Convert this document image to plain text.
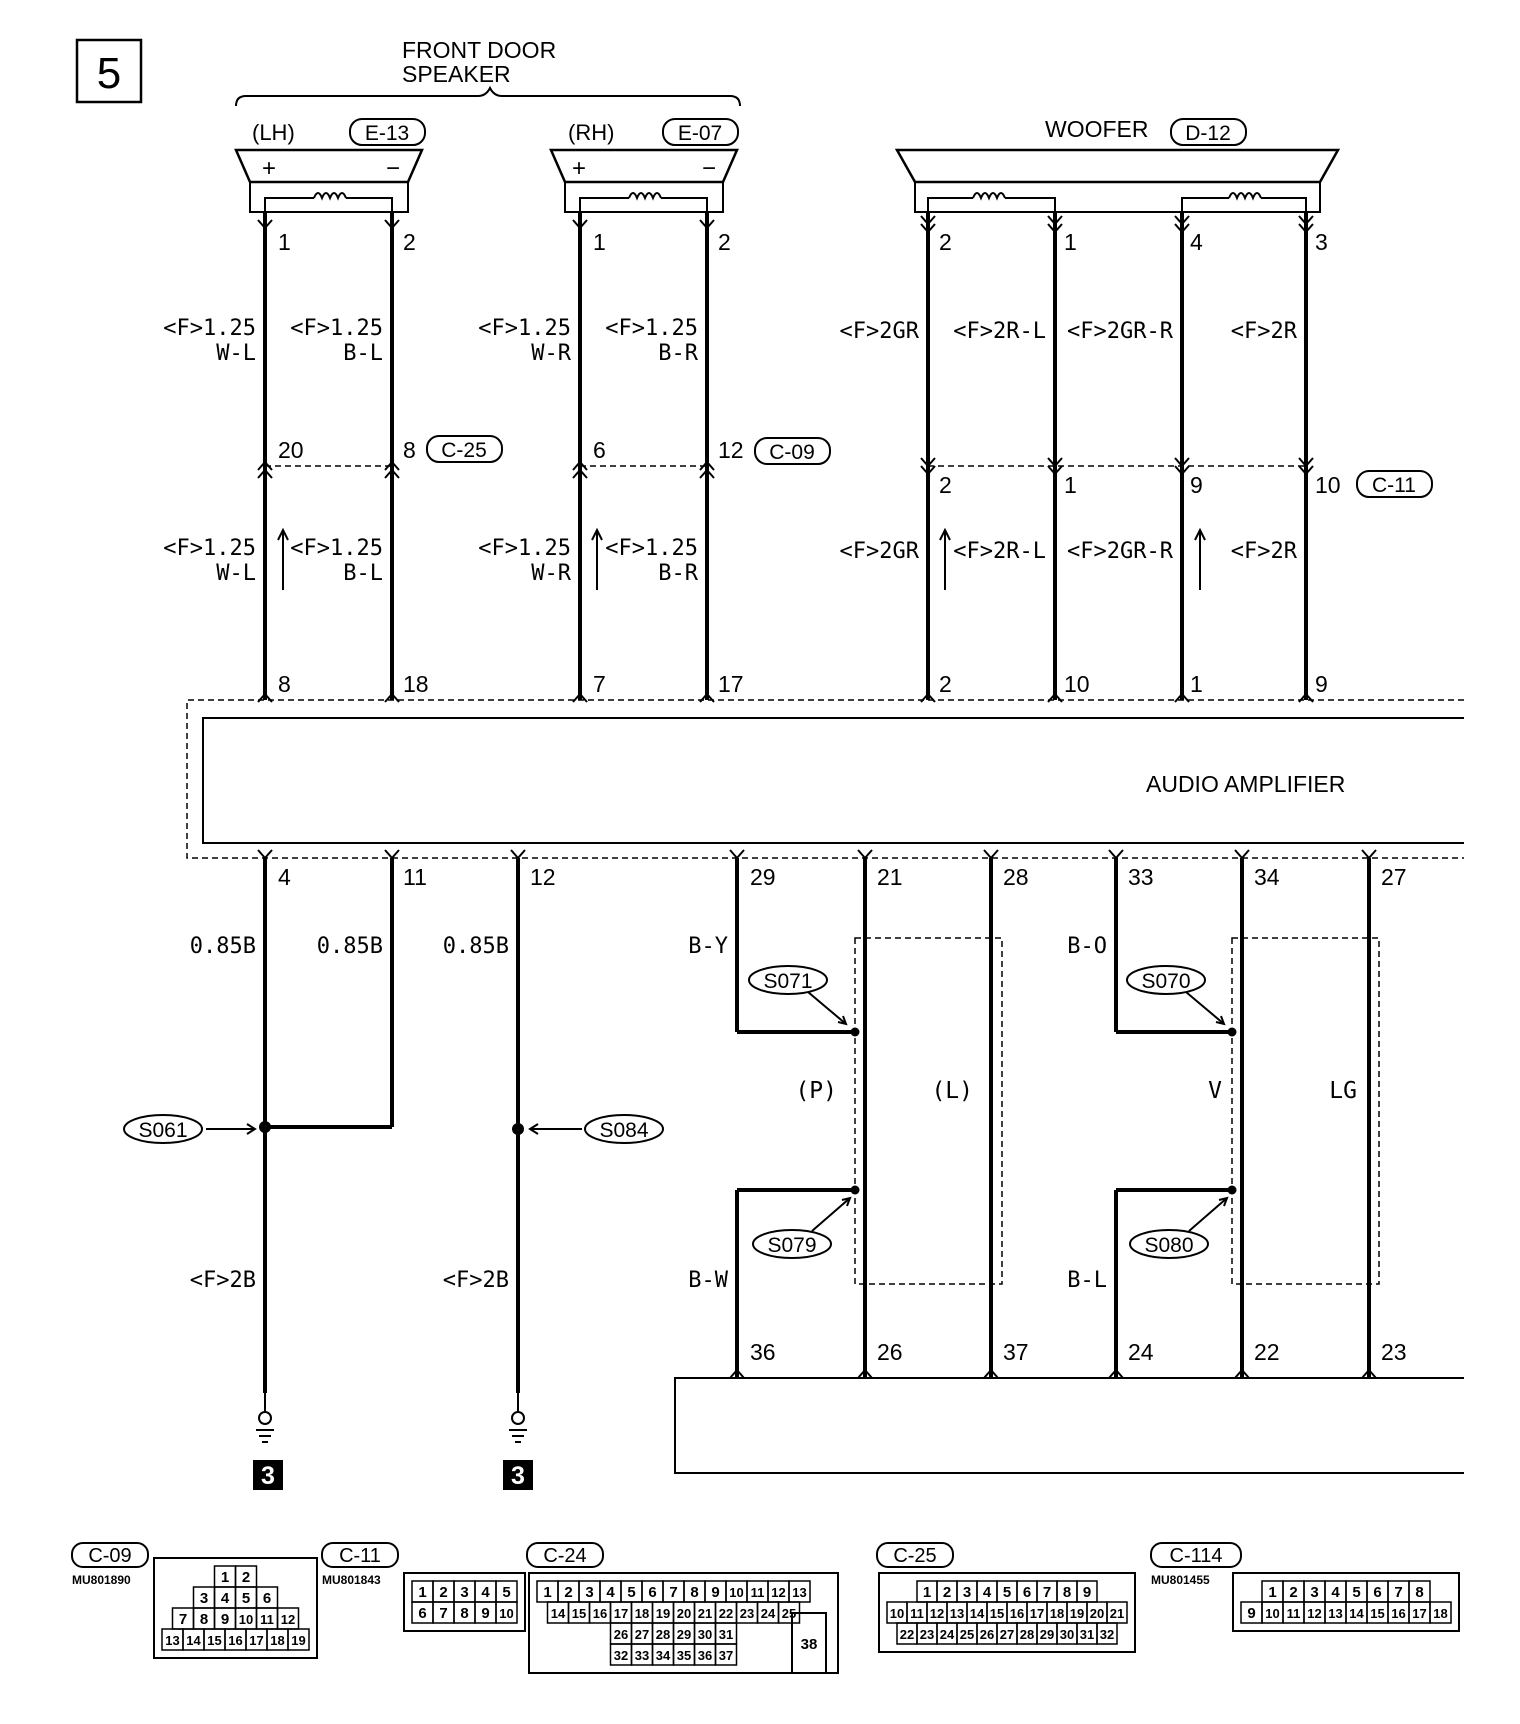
5	FRONT DOOR
SPEAKER
(LH)	E-13
+	−
(RH)	E-07
+	−
WOOFER D-12
1	2	1	2	2	1	4	3
<F>1.25
W-L
<F>1.25
B-L
<F>1.25
W-R
<F>1.25
B-R
<F>2GR <F>2R-L <F>2GR-R	<F>2R
<F>1.25
W-L
<F>1.25
B-L
<F>1.25
W-R
<F>1.25
B-R
<F>2GR <F>2R-L <F>2GR-R	<F>2R
20	8	6	12
2	1	9	10
C-25	C-09
C-11
8	18	7	17	2	10	1	9
AUDIO AMPLIFIER
4	11	12	29	21	28	33	34	27
0.85B	0.85B	0.85B
<F>2B	<F>2B
S061	S084
3	3
B-Y
B-W
B-O
B-L
S071
S079
S070
S080
(P)	(L)	V	LG
36	26	37	24	22	23
C-09
MU801890	1 2
3 4 5 6
7 8 9 10 11 12
13 14 15 16 17 18 19
C-11
MU801843
1 2 3 4 5
6 7 8 9 10
C-24
1 2 3 4 5 6 7 8 9 10 11 12 13
14 15 16 17 18 19 20 21 22 23 24 25
26 27 28 29 30 31
32 33 34 35 36 37
38
C-25
1 2 3 4 5 6 7 8 9
10 11 12 13 14 15 16 17 18 19 20 21
22 23 24 25 26 27 28 29 30 31 32
C-114
MU801455
1 2 3 4 5 6 7 8
9 10 11 12 13 14 15 16 17 18
